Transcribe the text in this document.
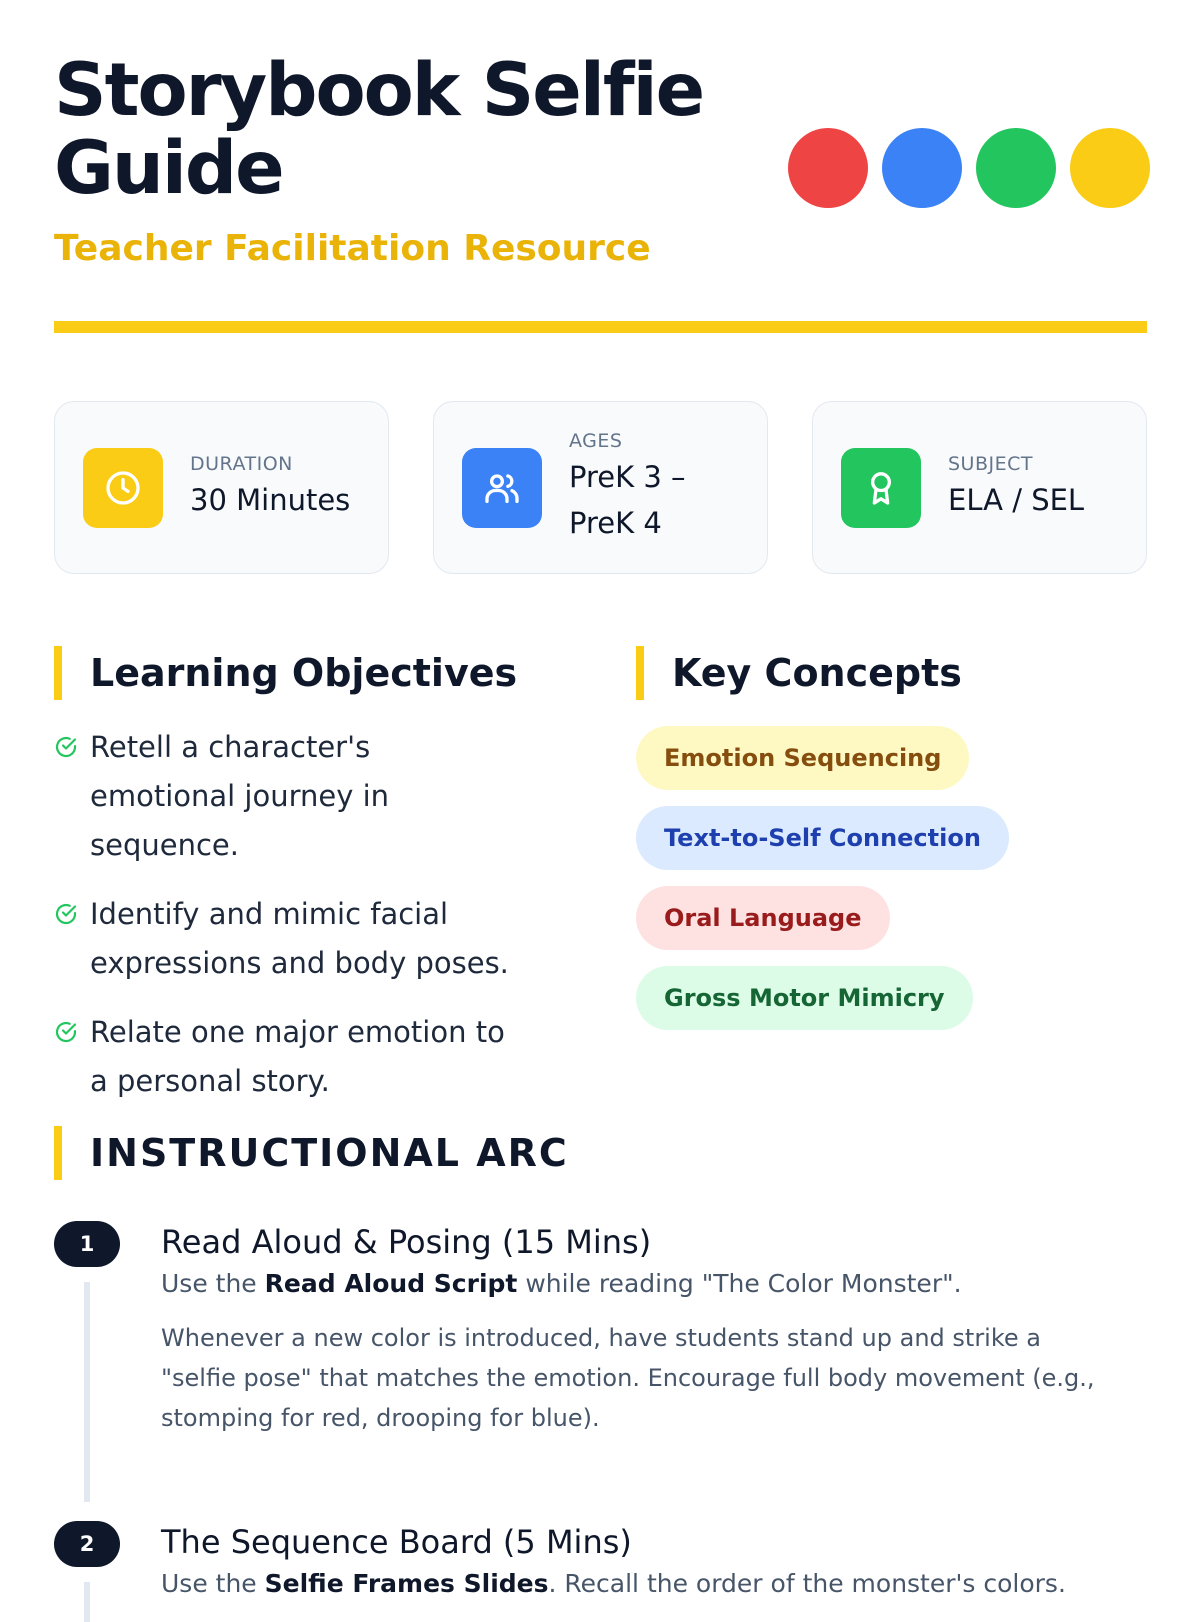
Storybook Selfie Guide
Teacher Facilitation Resource
DURATION
30 Minutes
AGES
PreK 3 – PreK 4
SUBJECT
ELA / SEL
Learning Objectives
Retell a character's emotional journey in sequence.
Identify and mimic facial expressions and body poses.
Relate one major emotion to a personal story.
Key Concepts
Emotion Sequencing
Text-to-Self Connection
Oral Language
Gross Motor Mimicry
INSTRUCTIONAL ARC
1	Read Aloud & Posing (15 Mins)
Use the Read Aloud Script while reading "The Color Monster".
Whenever a new color is introduced, have students stand up and strike a "selfie pose" that matches the emotion. Encourage full body movement (e.g., stomping for red, drooping for blue).
2	The Sequence Board (5 Mins)
Use the Selfie Frames Slides. Recall the order of the monster's colors.
